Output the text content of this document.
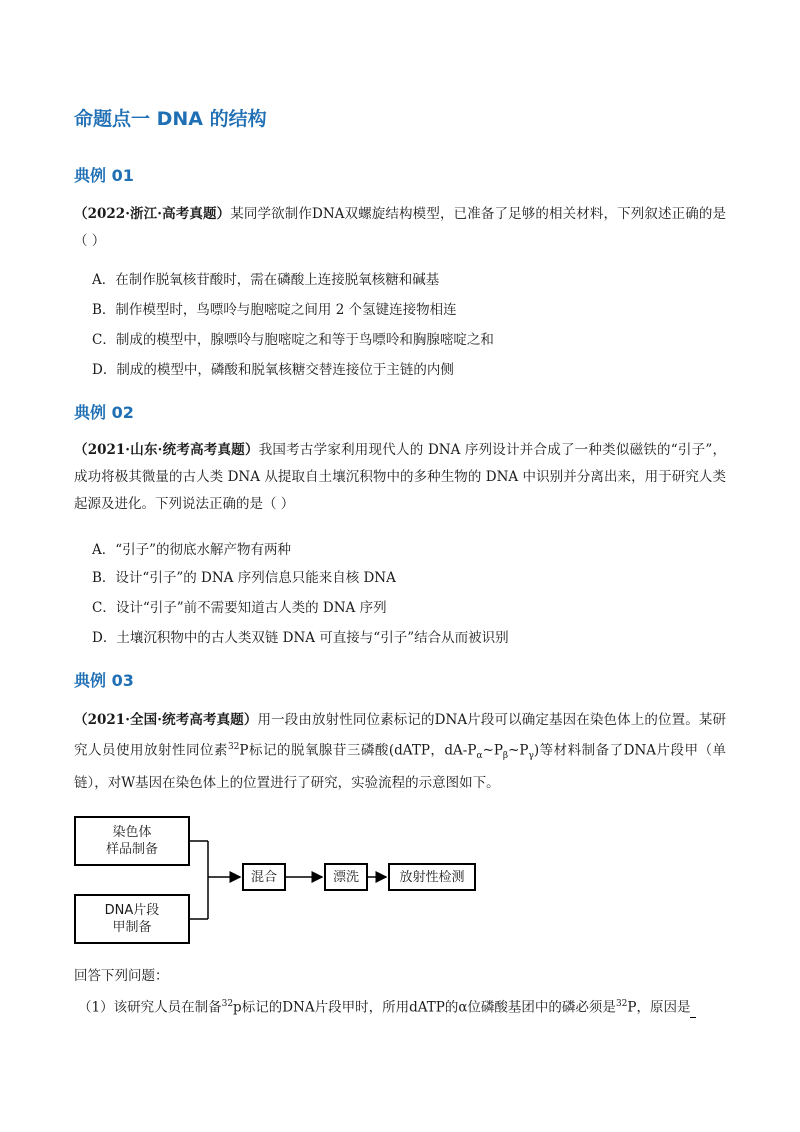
命题点一 DNA 的结构
典例 01
（2022·浙江·高考真题）某同学欲制作DNA双螺旋结构模型，已准备了足够的相关材料，下列叙述正确的是（ ）
A．在制作脱氧核苷酸时，需在磷酸上连接脱氧核糖和碱基
B．制作模型时，鸟嘌呤与胞嘧啶之间用 2 个氢键连接物相连
C．制成的模型中，腺嘌呤与胞嘧啶之和等于鸟嘌呤和胸腺嘧啶之和
D．制成的模型中，磷酸和脱氧核糖交替连接位于主链的内侧
典例 02
（2021·山东·统考高考真题）我国考古学家利用现代人的 DNA 序列设计并合成了一种类似磁铁的“引子”，成功将极其微量的古人类 DNA 从提取自土壤沉积物中的多种生物的 DNA 中识别并分离出来，用于研究人类起源及进化。下列说法正确的是（ ）
A．“引子”的彻底水解产物有两种
B．设计“引子”的 DNA 序列信息只能来自核 DNA
C．设计“引子”前不需要知道古人类的 DNA 序列
D．土壤沉积物中的古人类双链 DNA 可直接与“引子”结合从而被识别
典例 03
（2021·全国·统考高考真题）用一段由放射性同位素标记的DNA片段可以确定基因在染色体上的位置。某研究人员使用放射性同位素$^{32}$P标记的脱氧腺苷三磷酸(dATP，$dA-P_\alpha\sim P_\beta\sim P_\gamma$)等材料制备了DNA片段甲（单链），对W基因在染色体上的位置进行了研究，实验流程的示意图如下。
染色体
样品制备
DNA片段
甲制备
混合	漂洗	放射性检测
回答下列问题：
（1）该研究人员在制备$^{32}$p标记的DNA片段甲时，所用dATP的α位磷酸基团中的磷必须是$^{32}$P，原因是
